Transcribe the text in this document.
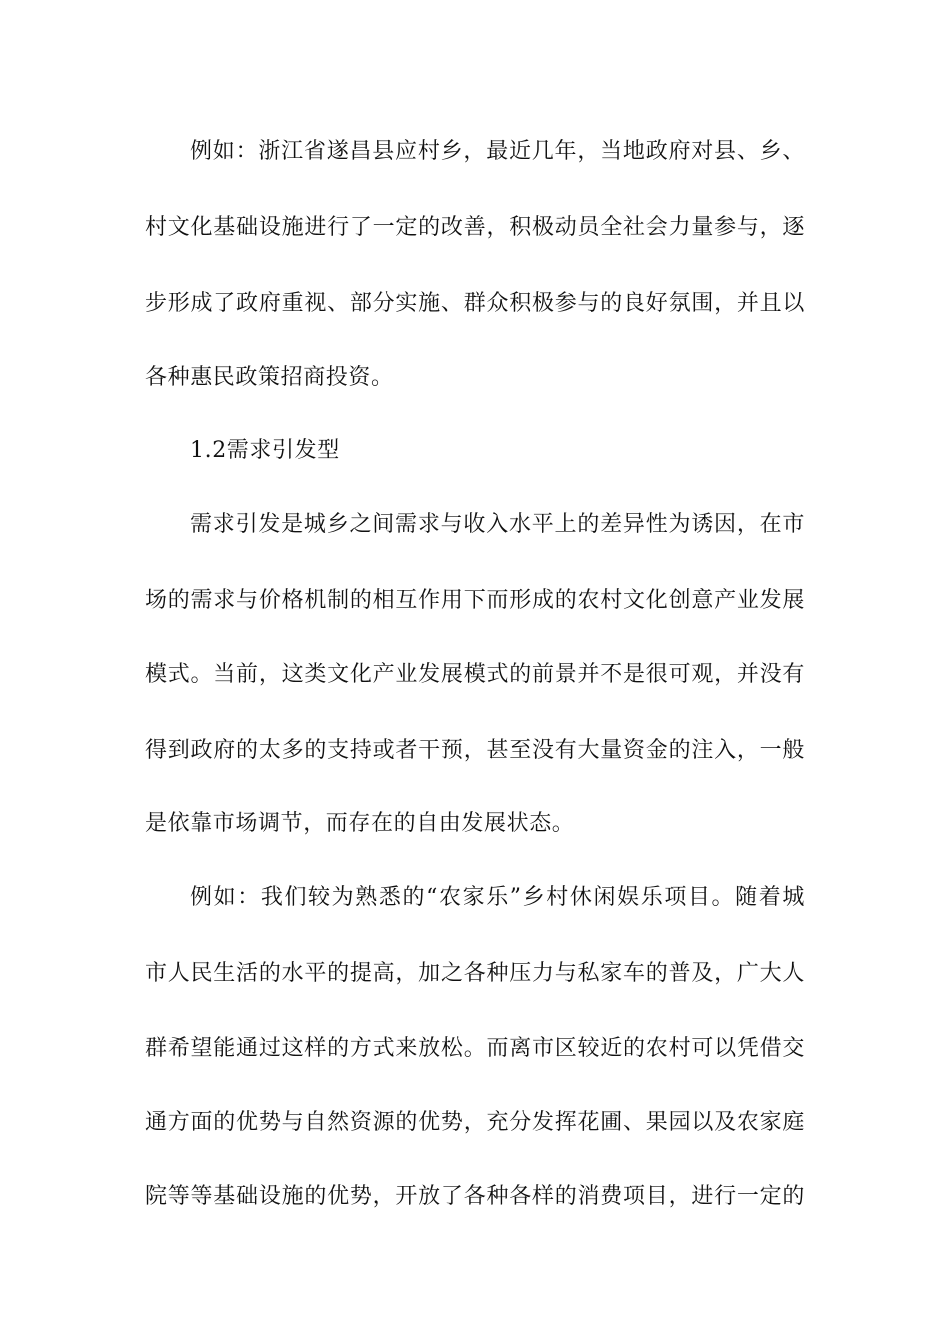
例如：浙江省遂昌县应村乡，最近几年，当地政府对县、乡、
村文化基础设施进行了一定的改善，积极动员全社会力量参与，逐
步形成了政府重视、部分实施、群众积极参与的良好氛围，并且以
各种惠民政策招商投资。
1.2需求引发型
需求引发是城乡之间需求与收入水平上的差异性为诱因，在市
场的需求与价格机制的相互作用下而形成的农村文化创意产业发展
模式。当前，这类文化产业发展模式的前景并不是很可观，并没有
得到政府的太多的支持或者干预，甚至没有大量资金的注入，一般
是依靠市场调节，而存在的自由发展状态。
例如：我们较为熟悉的“农家乐”乡村休闲娱乐项目。随着城
市人民生活的水平的提高，加之各种压力与私家车的普及，广大人
群希望能通过这样的方式来放松。而离市区较近的农村可以凭借交
通方面的优势与自然资源的优势，充分发挥花圃、果园以及农家庭
院等等基础设施的优势，开放了各种各样的消费项目，进行一定的
